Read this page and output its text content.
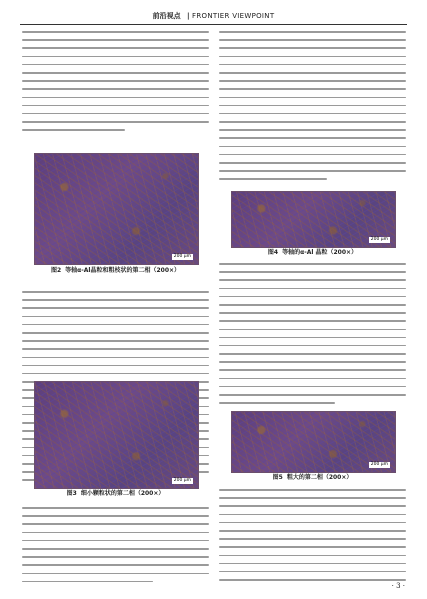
前沿视点 | FRONTIER VIEWPOINT
200 μm
图2 等轴α-Al晶粒和粗枝状的第二相（200×）
200 μm
图3 细小颗粒状的第二相（200×）
200 μm
图4 等轴的α-Al 晶粒（200×）
200 μm
图5 粗大的第二相（200×）
· 3 ·
